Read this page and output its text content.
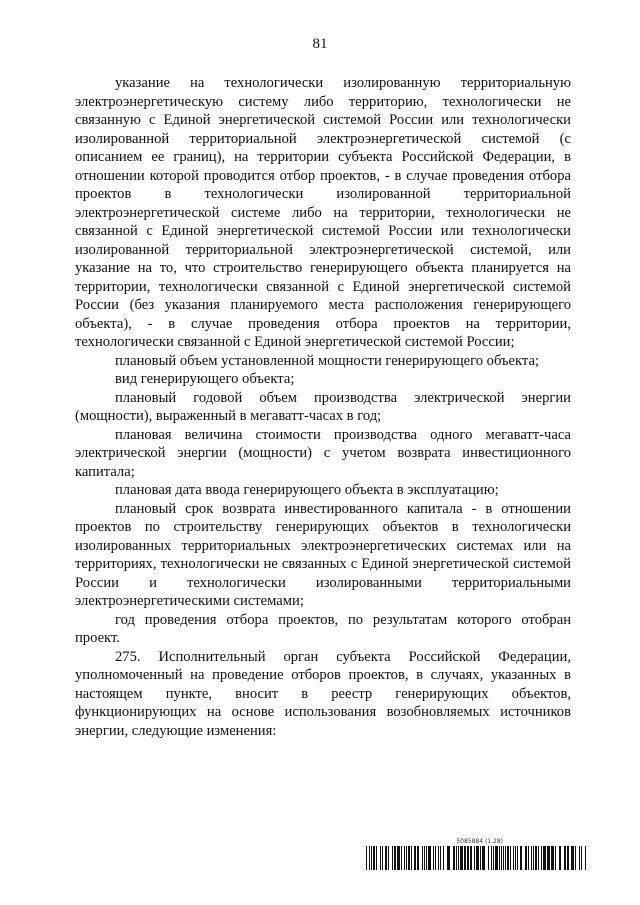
81

указание на технологически изолированную территориальную электроэнергетическую систему либо территорию, технологически не связанную с Единой энергетической системой России или технологически изолированной территориальной электроэнергетической системой (с описанием ее границ), на территории субъекта Российской Федерации, в отношении которой проводится отбор проектов, - в случае проведения отбора проектов в технологически изолированной территориальной электроэнергетической системе либо на территории, технологически не связанной с Единой энергетической системой России или технологически изолированной территориальной электроэнергетической системой, или указание на то, что строительство генерирующего объекта планируется на территории, технологически связанной с Единой энергетической системой России (без указания планируемого места расположения генерирующего объекта), - в случае проведения отбора проектов на территории, технологически связанной с Единой энергетической системой России;

плановый объем установленной мощности генерирующего объекта;

вид генерирующего объекта;

плановый годовой объем производства электрической энергии (мощности), выраженный в мегаватт-часах в год;

плановая величина стоимости производства одного мегаватт-часа электрической энергии (мощности) с учетом возврата инвестиционного капитала;

плановая дата ввода генерирующего объекта в эксплуатацию;

плановый срок возврата инвестированного капитала - в отношении проектов по строительству генерирующих объектов в технологически изолированных территориальных электроэнергетических системах или на территориях, технологически не связанных с Единой энергетической системой России и технологически изолированными территориальными электроэнергетическими системами;

год проведения отбора проектов, по результатам которого отобран проект.

275. Исполнительный орган субъекта Российской Федерации, уполномоченный на проведение отборов проектов, в случаях, указанных в настоящем пункте, вносит в реестр генерирующих объектов, функционирующих на основе использования возобновляемых источников энергии, следующие изменения:

5085884 (1.28)
